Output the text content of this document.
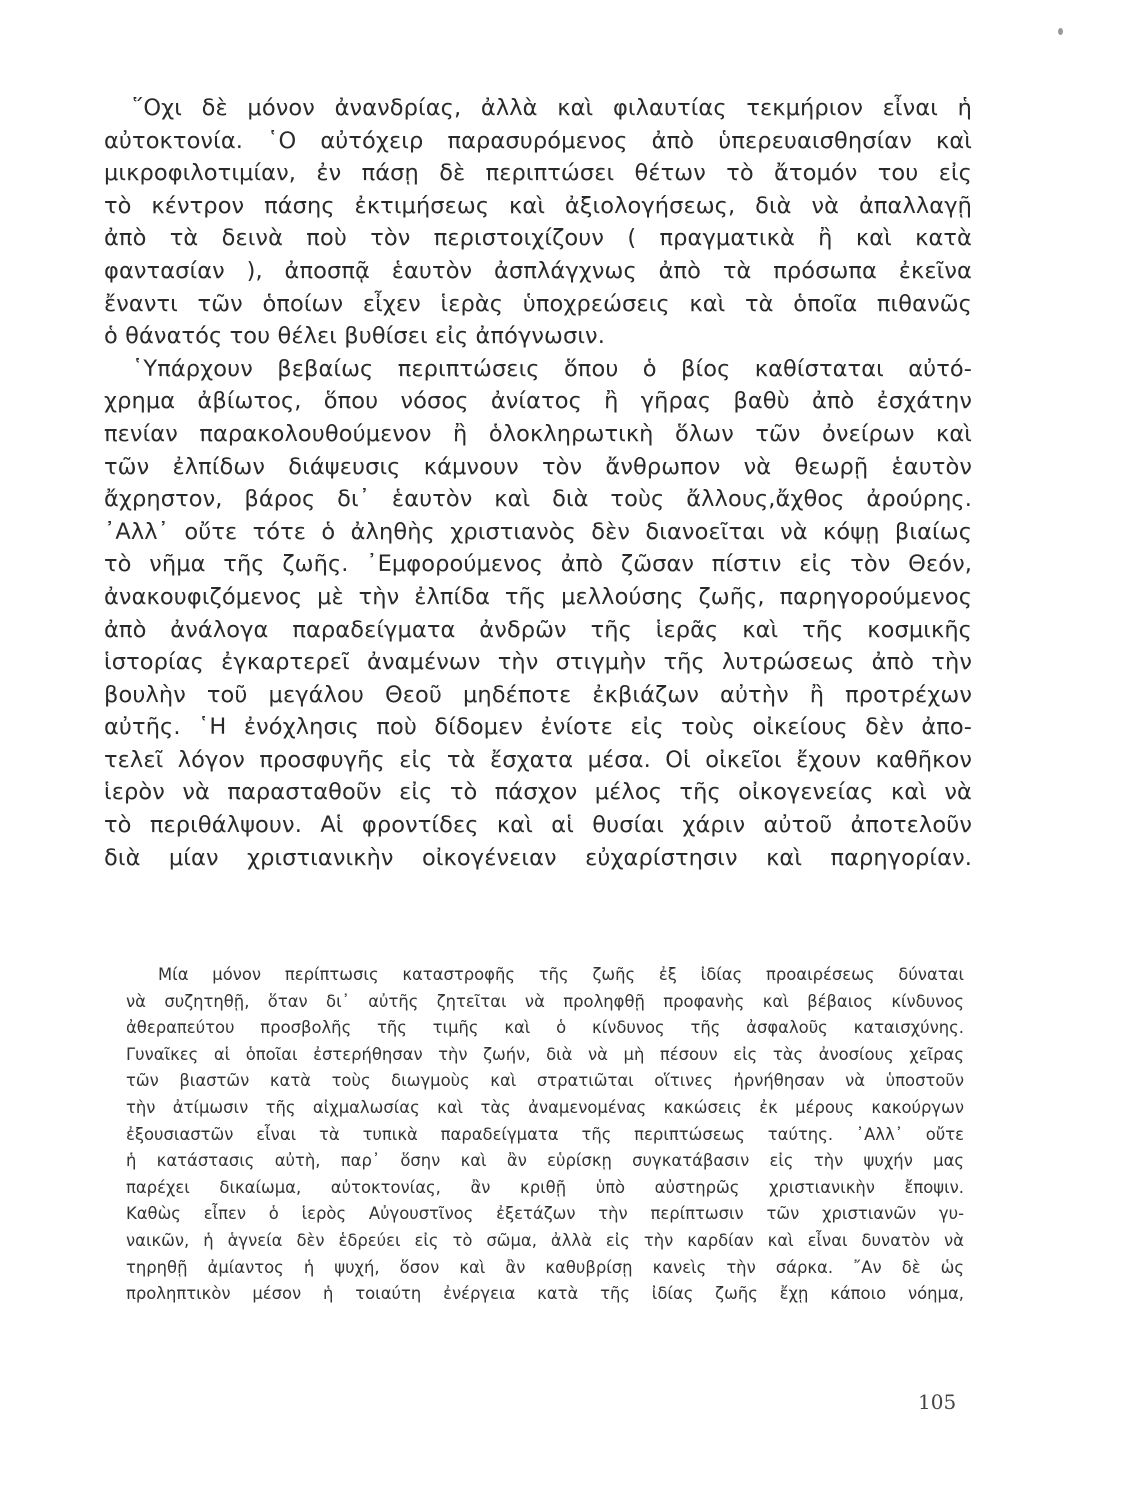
῞Οχι δὲ μόνον ἀνανδρίας, ἀλλὰ καὶ φιλαυτίας τεκμήριον εἶναι ἡ
αὐτοκτονία. ῾Ο αὐτόχειρ παρασυρόμενος ἀπὸ ὑπερευαισθησίαν καὶ
μικροφιλοτιμίαν, ἐν πάσῃ δὲ περιπτώσει θέτων τὸ ἄτομόν του εἰς
τὸ κέντρον πάσης ἐκτιμήσεως καὶ ἀξιολογήσεως, διὰ νὰ ἀπαλλαγῇ
ἀπὸ τὰ δεινὰ ποὺ τὸν περιστοιχίζουν ( πραγματικὰ ἢ καὶ κατὰ
φαντασίαν ), ἀποσπᾷ ἑαυτὸν ἀσπλάγχνως ἀπὸ τὰ πρόσωπα ἐκεῖνα
ἔναντι τῶν ὁποίων εἶχεν ἱερὰς ὑποχρεώσεις καὶ τὰ ὁποῖα πιθανῶς
ὁ θάνατός του θέλει βυθίσει εἰς ἀπόγνωσιν.
῾Υπάρχουν βεβαίως περιπτώσεις ὅπου ὁ βίος καθίσταται αὐτό-
χρημα ἀβίωτος, ὅπου νόσος ἀνίατος ἢ γῆρας βαθὺ ἀπὸ ἐσχάτην
πενίαν παρακολουθούμενον ἢ ὁλοκληρωτικὴ ὅλων τῶν ὀνείρων καὶ
τῶν ἐλπίδων διάψευσις κάμνουν τὸν ἄνθρωπον νὰ θεωρῇ ἑαυτὸν
ἄχρηστον, βάρος δι᾽ ἑαυτὸν καὶ διὰ τοὺς ἄλλους,ἄχθος ἀρούρης.
᾽Αλλ᾽ οὔτε τότε ὁ ἀληθὴς χριστιανὸς δὲν διανοεῖται νὰ κόψῃ βιαίως
τὸ νῆμα τῆς ζωῆς. ᾽Εμφορούμενος ἀπὸ ζῶσαν πίστιν εἰς τὸν Θεόν,
ἀνακουφιζόμενος μὲ τὴν ἐλπίδα τῆς μελλούσης ζωῆς, παρηγορούμενος
ἀπὸ ἀνάλογα παραδείγματα ἀνδρῶν τῆς ἱερᾶς καὶ τῆς κοσμικῆς
ἱστορίας ἐγκαρτερεῖ ἀναμένων τὴν στιγμὴν τῆς λυτρώσεως ἀπὸ τὴν
βουλὴν τοῦ μεγάλου Θεοῦ μηδέποτε ἐκβιάζων αὐτὴν ἢ προτρέχων
αὐτῆς. ῾Η ἐνόχλησις ποὺ δίδομεν ἐνίοτε εἰς τοὺς οἰκείους δὲν ἀπο-
τελεῖ λόγον προσφυγῆς εἰς τὰ ἔσχατα μέσα. Οἱ οἰκεῖοι ἔχουν καθῆκον
ἱερὸν νὰ παρασταθοῦν εἰς τὸ πάσχον μέλος τῆς οἰκογενείας καὶ νὰ
τὸ περιθάλψουν. Αἱ φροντίδες καὶ αἱ θυσίαι χάριν αὐτοῦ ἀποτελοῦν
διὰ μίαν χριστιανικὴν οἰκογένειαν εὐχαρίστησιν καὶ παρηγορίαν.
Μία μόνον περίπτωσις καταστροφῆς τῆς ζωῆς ἐξ ἰδίας προαιρέσεως δύναται
νὰ συζητηθῇ, ὅταν δι᾽ αὐτῆς ζητεῖται νὰ προληφθῇ προφανὴς καὶ βέβαιος κίνδυνος
ἀθεραπεύτου προσβολῆς τῆς τιμῆς καὶ ὁ κίνδυνος τῆς ἀσφαλοῦς καταισχύνης.
Γυναῖκες αἱ ὁποῖαι ἐστερήθησαν τὴν ζωήν, διὰ νὰ μὴ πέσουν εἰς τὰς ἀνοσίους χεῖρας
τῶν βιαστῶν κατὰ τοὺς διωγμοὺς καὶ στρατιῶται οἵτινες ἠρνήθησαν νὰ ὑποστοῦν
τὴν ἀτίμωσιν τῆς αἰχμαλωσίας καὶ τὰς ἀναμενομένας κακώσεις ἐκ μέρους κακούργων
ἐξουσιαστῶν εἶναι τὰ τυπικὰ παραδείγματα τῆς περιπτώσεως ταύτης. ᾽Αλλ᾽ οὔτε
ἡ κατάστασις αὐτὴ, παρ᾽ ὅσην καὶ ἂν εὑρίσκῃ συγκατάβασιν εἰς τὴν ψυχήν μας
παρέχει δικαίωμα, αὐτοκτονίας, ἂν κριθῇ ὑπὸ αὐστηρῶς χριστιανικὴν ἔποψιν.
Καθὼς εἶπεν ὁ ἱερὸς Αὐγουστῖνος ἐξετάζων τὴν περίπτωσιν τῶν χριστιανῶν γυ-
ναικῶν, ἡ ἁγνεία δὲν ἑδρεύει εἰς τὸ σῶμα, ἀλλὰ εἰς τὴν καρδίαν καὶ εἶναι δυνατὸν νὰ
τηρηθῇ ἀμίαντος ἡ ψυχή, ὅσον καὶ ἂν καθυβρίσῃ κανεὶς τὴν σάρκα. ῎Αν δὲ ὡς
προληπτικὸν μέσον ἡ τοιαύτη ἐνέργεια κατὰ τῆς ἰδίας ζωῆς ἔχῃ κάποιο νόημα,
105
